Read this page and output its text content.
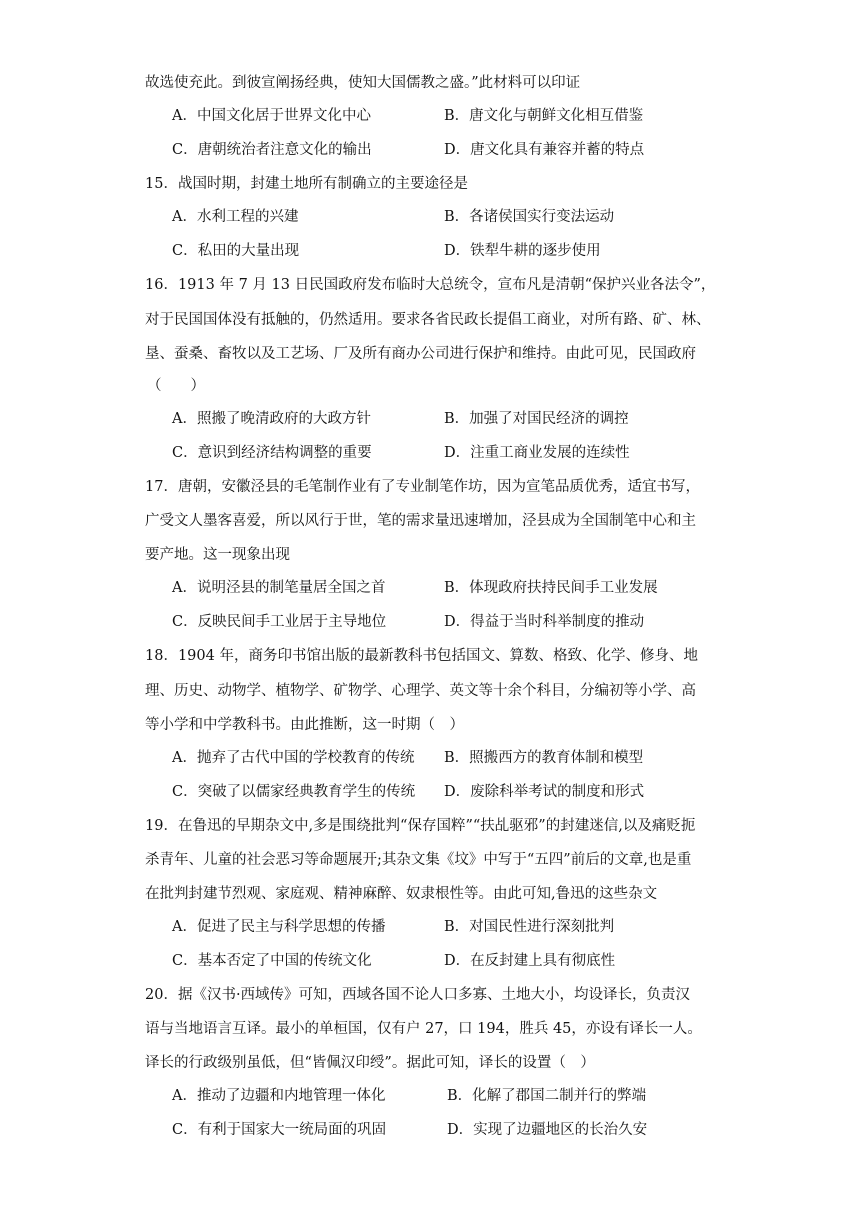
故选使充此。到彼宣阐扬经典，使知大国儒教之盛。”此材料可以印证
A．中国文化居于世界文化中心	B．唐文化与朝鲜文化相互借鉴
C．唐朝统治者注意文化的输出	D．唐文化具有兼容并蓄的特点
15．战国时期，封建土地所有制确立的主要途径是
A．水利工程的兴建	B．各诸侯国实行变法运动
C．私田的大量出现	D．铁犁牛耕的逐步使用
16．1913 年 7 月 13 日民国政府发布临时大总统令，宣布凡是清朝“保护兴业各法令”，
对于民国国体没有抵触的，仍然适用。要求各省民政长提倡工商业，对所有路、矿、林、
垦、蚕桑、畜牧以及工艺场、厂及所有商办公司进行保护和维持。由此可见，民国政府
（　　）
A．照搬了晚清政府的大政方针	B．加强了对国民经济的调控
C．意识到经济结构调整的重要	D．注重工商业发展的连续性
17．唐朝，安徽泾县的毛笔制作业有了专业制笔作坊，因为宣笔品质优秀，适宜书写，
广受文人墨客喜爱，所以风行于世，笔的需求量迅速增加，泾县成为全国制笔中心和主
要产地。这一现象出现
A．说明泾县的制笔量居全国之首	B．体现政府扶持民间手工业发展
C．反映民间手工业居于主导地位	D．得益于当时科举制度的推动
18．1904 年，商务印书馆出版的最新教科书包括国文、算数、格致、化学、修身、地
理、历史、动物学、植物学、矿物学、心理学、英文等十余个科目，分编初等小学、高
等小学和中学教科书。由此推断，这一时期（　）
A．抛弃了古代中国的学校教育的传统 B．照搬西方的教育体制和模型
C．突破了以儒家经典教育学生的传统 D．废除科举考试的制度和形式
19．在鲁迅的早期杂文中,多是围绕批判“保存国粹”“扶乩驱邪”的封建迷信,以及痛贬扼
杀青年、儿童的社会恶习等命题展开;其杂文集《坟》中写于“五四”前后的文章,也是重
在批判封建节烈观、家庭观、精神麻醉、奴隶根性等。由此可知,鲁迅的这些杂文
A．促进了民主与科学思想的传播	B．对国民性进行深刻批判
C．基本否定了中国的传统文化	D．在反封建上具有彻底性
20．据《汉书·西域传》可知，西域各国不论人口多寡、土地大小，均设译长，负责汉
语与当地语言互译。最小的单桓国，仅有户 27，口 194，胜兵 45，亦设有译长一人。
译长的行政级别虽低，但“皆佩汉印绶”。据此可知，译长的设置（　）
A．推动了边疆和内地管理一体化	B．化解了郡国二制并行的弊端
C．有利于国家大一统局面的巩固	D．实现了边疆地区的长治久安
